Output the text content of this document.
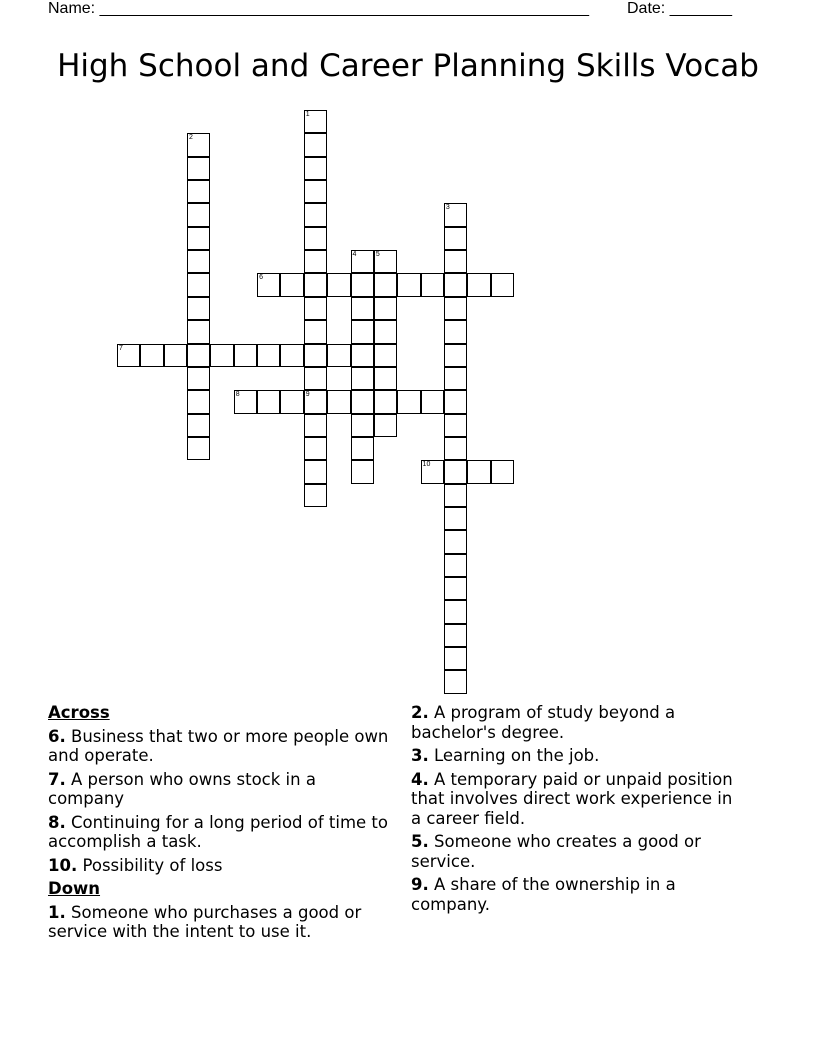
Name: _______________________________________________________ Date: _______
High School and Career Planning Skills Vocab
1
9
2
3
4	5
6
7
8
10
Across
6. Business that two or more people own and operate.
7. A person who owns stock in a company
8. Continuing for a long period of time to accomplish a task.
10. Possibility of loss
Down
1. Someone who purchases a good or service with the intent to use it.
2. A program of study beyond a bachelor's degree.
3. Learning on the job.
4. A temporary paid or unpaid position that involves direct work experience in a career field.
5. Someone who creates a good or service.
9. A share of the ownership in a company.
